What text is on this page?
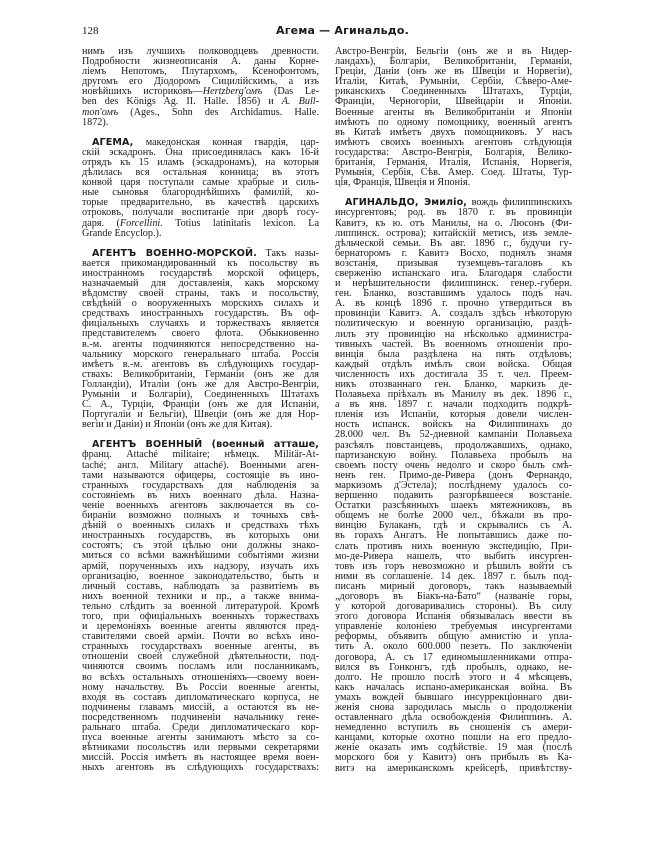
128	Агема — Агинальдо.
нимъ изъ лучшихъ полководцевъ древности.
Подробности жизнеописанія А. даны Корне-
ліемъ Непотомъ, Плутархомъ, Ксенофонтомъ,
другомъ его Діодоромъ Сицилійскимъ, а изъ
новѣйшихъ историковъ—Hertzberg'омъ (Das Le-
ben des Königs Ag. II. Halle. 1856) и A. Bull-
mon'омъ (Ages., Sohn des Archidamus. Halle.
1872).
АГЕМА, македонская конная гвардія, цар-
скій эскадронъ. Она присоединялась какъ 16-й
отрядъ къ 15 иламъ (эскадронамъ), на которыя
дѣлилась вся остальная конница; въ этотъ
конвой царя поступали самые храбрые и силь-
ные сыновья благороднѣйшихъ фамилій, ко-
торые предварительно, въ качествѣ царскихъ
отроковъ, получали воспитаніе при дворѣ госу-
даря. (Forcellini. Totius latinitatis lexicon. La
Grande Encyclop.).
АГЕНТЪ ВОЕННО-МОРСКОЙ. Такъ назы-
вается прикомандированный къ посольству въ
иностранномъ государствѣ морской офицеръ,
назначаемый для доставленія, какъ морскому
вѣдомству своей страны, такъ и посольству,
свѣдѣній о вооруженныхъ морскихъ силахъ и
средствахъ иностранныхъ государствъ. Въ оф-
фиціальныхъ случаяхъ и торжествахъ является
представителемъ своего флота. Обыкновенно
в.-м. агенты подчиняются непосредственно на-
чальнику морского генеральнаго штаба. Россія
имѣетъ в.-м. агентовъ въ слѣдующихъ государ-
ствахъ: Великобританіи, Германіи (онъ же для
Голландіи), Италіи (онъ же для Австро-Венгріи,
Румыніи и Болгаріи), Соединенныхъ Штатахъ
С. А., Турціи, Франціи (онъ же для Испаніи,
Португаліи и Бельгіи), Швеціи (онъ же для Нор-
вегіи и Даніи) и Японіи (онъ же для Китая).
АГЕНТЪ ВОЕННЫЙ (военный атташе,
франц. Attaché militaire; нѣмецк. Militär-At-
taché; англ. Military attaché). Военными аген-
тами называются офицеры, состоящіе въ ино-
странныхъ государствахъ для наблюденія за
состояніемъ въ нихъ военнаго дѣла. Назна-
ченіе военныхъ агентовъ заключается въ со-
бираніи возможно полныхъ и точныхъ свѣ-
дѣній о военныхъ силахъ и средствахъ тѣхъ
иностранныхъ государствъ, въ которыхъ они
состоятъ; съ этой цѣлью они должны знако-
миться со всѣми важнѣйшими событіями жизни
армій, порученныхъ ихъ надзору, изучать ихъ
организацію, военное законодательство, быть и
личный составъ, наблюдать за развитіемъ въ
нихъ военной техники и пр., а также внима-
тельно слѣдить за военной литературой. Кромѣ
того, при офиціальныхъ военныхъ торжествахъ
и церемоніяхъ военные агенты являются пред-
ставителями своей арміи. Почти во всѣхъ ино-
странныхъ государствахъ военные агенты, въ
отношеніи своей служебной дѣятельности, под-
чиняются своимъ посламъ или посланникамъ,
во всѣхъ остальныхъ отношеніяхъ—своему воен-
ному начальству. Въ Россіи военные агенты,
входя въ составъ дипломатическаго корпуса, не
подчинены главамъ миссій, а остаются въ не-
посредственномъ подчиненіи начальнику гене-
ральнаго штаба. Среди дипломатическаго кор-
пуса военные агенты занимаютъ мѣсто за со-
вѣтниками посольствъ или первыми секретарями
миссій. Россія имѣетъ въ настоящее время воен-
ныхъ агентовъ въ слѣдующихъ государствахъ:
Австро-Венгріи, Бельгіи (онъ же и въ Нидер-
ландахъ), Болгаріи, Великобританіи, Германіи,
Греціи, Даніи (онъ же въ Швеціи и Норвегіи),
Италіи, Китаѣ, Румыніи, Сербіи, Сѣверо-Аме-
риканскихъ Соединенныхъ Штатахъ, Турціи,
Франціи, Черногоріи, Швейцаріи и Японіи.
Военные агенты въ Великобританіи и Японіи
имѣютъ по одному помощнику, военный агентъ
въ Китаѣ имѣетъ двухъ помощниковъ. У насъ
имѣютъ своихъ военныхъ агентовъ слѣдующія
государства: Австро-Венгрія, Болгарія, Велико-
британія, Германія, Италія, Испанія, Норвегія,
Румынія, Сербія, Сѣв. Амер. Соед. Штаты, Тур-
ція, Франція, Швеція и Японія.
АГИНАЛЬДО, Эмиліо, вождь филиппинскихъ
инсургентовъ; род. въ 1870 г. въ провинціи
Кавитэ, къ ю. отъ Манилы, на о. Люсонъ (Фи-
липпинск. острова); китайскій метисъ, изъ земле-
дѣльческой семьи. Въ авг. 1896 г., будучи гу-
бернаторомъ г. Кавитэ Восхо, поднялъ знамя
возстанія, призывая туземцевъ-тагаловъ къ
сверженію испанскаго ига. Благодаря слабости
и нерѣшительности филиппинск. генер.-губерн.
ген. Бланко, возставшимъ удалось подъ нач.
А. въ концѣ 1896 г. прочно утвердиться въ
провинціи Кавитэ. А. создалъ здѣсь нѣкоторую
политическую и военную организацію, раздѣ-
лилъ эту провинцію на нѣсколько администра-
тивныхъ частей. Въ военномъ отношеніи про-
винція была раздѣлена на пять отдѣловъ;
каждый отдѣлъ имѣлъ свои войска. Общая
численность ихъ достигала 35 т. чел. Преем-
никъ отозваннаго ген. Бланко, маркизъ де-
Полавьеха пріѣхалъ въ Манилу въ дек. 1896 г.,
а въ янв. 1897 г. начали подходить подкрѣ-
пленія изъ Испаніи, которыя довели числен-
ность испанск. войскъ на Филиппинахъ до
28.000 чел. Въ 52-дневной кампаніи Полавьеха
разсѣялъ повстанцевъ, продолжавшихъ, однако,
партизанскую войну. Полавьеха пробылъ на
своемъ посту очень недолго и скоро былъ смѣ-
ненъ ген. Примо-де-Ривера (донъ Фернандо,
маркизомъ д'Эстела); послѣднему удалось со-
вершенно подавить разгорѣвшееся возстаніе.
Остатки разсѣянныхъ шаекъ мятежниковъ, въ
общемъ не болѣе 2000 чел., бѣжали въ про-
винцію Булаканъ, гдѣ и скрывались съ А.
въ горахъ Ангатъ. Не попытавшись даже по-
слать противъ нихъ военную экспедицію, При-
мо-де-Ривера нашелъ, что выбить инсурген-
товъ изъ горъ невозможно и рѣшилъ войти съ
ними въ соглашеніе. 14 дек. 1897 г. былъ под-
писанъ мирный договоръ, такъ называемый
„договоръ въ Біакъ-на-Бато“ (названіе горы,
у которой договаривались стороны). Въ силу
этого договора Испанія обязывалась ввести въ
управленіе колоніею требуемыя инсургентами
реформы, объявить общую амнистію и упла-
тить А. около 600.000 пезетъ. По заключеніи
договора, А. съ 17 единомышленниками отпра-
вился въ Гонконгъ, гдѣ пробылъ, однако, не-
долго. Не прошло послѣ этого и 4 мѣсяцевъ,
какъ началась испано-американская война. Въ
умахъ вождей бывшаго инсуррекціоннаго дви-
женія снова зародилась мысль о продолженіи
оставленнаго дѣла освобожденія Филиппинъ. А.
немедленно вступилъ въ сношенія съ амери-
канцами, которые охотно пошли на его предло-
женіе оказать имъ содѣйствіе. 19 мая (послѣ
морского боя у Кавитэ) онъ прибылъ въ Ка-
витэ на американскомъ крейсерѣ, привѣтству-
